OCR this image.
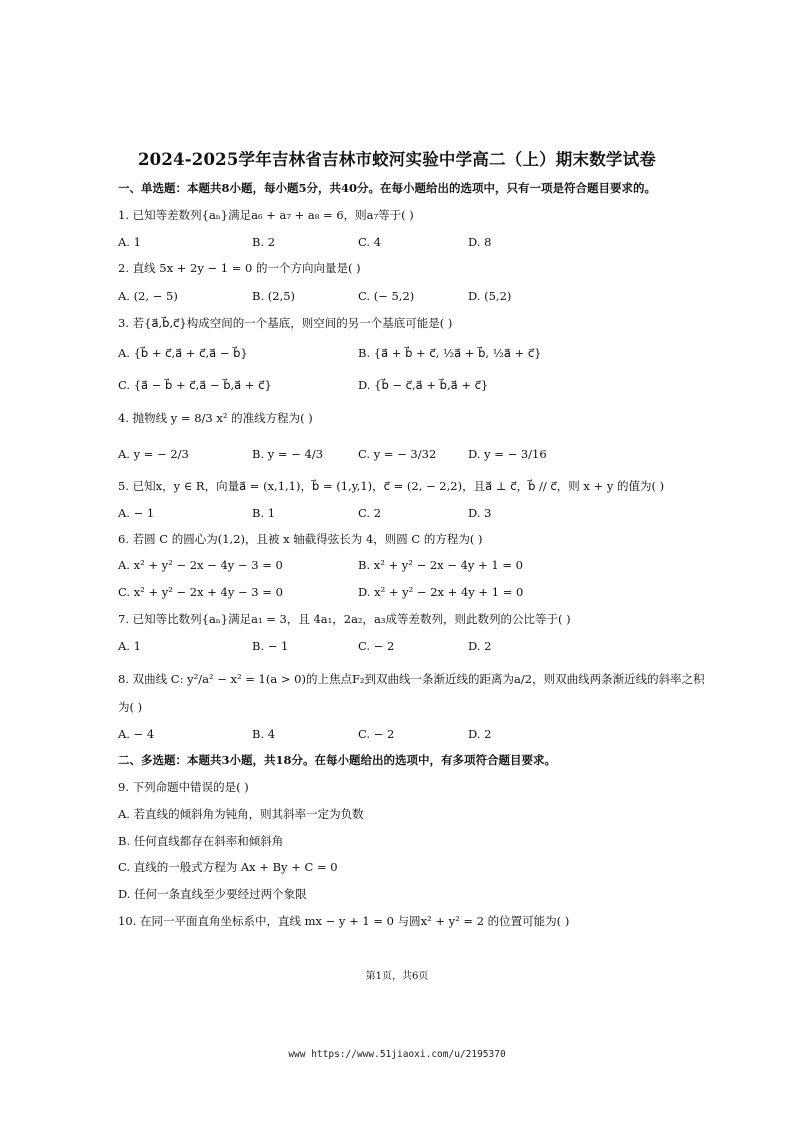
2024-2025学年吉林省吉林市蛟河实验中学高二（上）期末数学试卷
一、单选题：本题共8小题，每小题5分，共40分。在每小题给出的选项中，只有一项是符合题目要求的。
1. 已知等差数列{aₙ}满足a₆ + a₇ + a₈ = 6，则a₇等于( )
A. 1	B. 2	C. 4	D. 8
2. 直线 5x + 2y − 1 = 0 的一个方向向量是( )
A. (2, − 5)	B. (2,5)	C. (− 5,2)	D. (5,2)
3. 若{a⃗,b⃗,c⃗}构成空间的一个基底，则空间的另一个基底可能是( )
A. {b⃗ + c⃗,a⃗ + c⃗,a⃗ − b⃗}	B. {a⃗ + b⃗ + c⃗, ½a⃗ + b⃗, ½a⃗ + c⃗}
C. {a⃗ − b⃗ + c⃗,a⃗ − b⃗,a⃗ + c⃗}	D. {b⃗ − c⃗,a⃗ + b⃗,a⃗ + c⃗}
4. 抛物线 y = 8/3 x² 的准线方程为( )
A. y = − 2/3	B. y = − 4/3	C. y = − 3/32	D. y = − 3/16
5. 已知x，y ∈ R，向量a⃗ = (x,1,1)，b⃗ = (1,y,1)，c⃗ = (2, − 2,2)，且a⃗ ⊥ c⃗，b⃗ // c⃗，则 x + y 的值为( )
A. − 1	B. 1	C. 2	D. 3
6. 若圆 C 的圆心为(1,2)，且被 x 轴截得弦长为 4，则圆 C 的方程为( )
A. x² + y² − 2x − 4y − 3 = 0	B. x² + y² − 2x − 4y + 1 = 0
C. x² + y² − 2x + 4y − 3 = 0	D. x² + y² − 2x + 4y + 1 = 0
7. 已知等比数列{aₙ}满足a₁ = 3，且 4a₁，2a₂，a₃成等差数列，则此数列的公比等于( )
A. 1	B. − 1	C. − 2	D. 2
8. 双曲线 C: y²/a² − x² = 1(a > 0)的上焦点F₂到双曲线一条渐近线的距离为a/2，则双曲线两条渐近线的斜率之积
为( )
A. − 4	B. 4	C. − 2	D. 2
二、多选题：本题共3小题，共18分。在每小题给出的选项中，有多项符合题目要求。
9. 下列命题中错误的是( )
A. 若直线的倾斜角为钝角，则其斜率一定为负数
B. 任何直线都存在斜率和倾斜角
C. 直线的一般式方程为 Ax + By + C = 0
D. 任何一条直线至少要经过两个象限
10. 在同一平面直角坐标系中，直线 mx − y + 1 = 0 与圆x² + y² = 2 的位置可能为( )
第1页，共6页
www https://www.51jiaoxi.com/u/2195370
